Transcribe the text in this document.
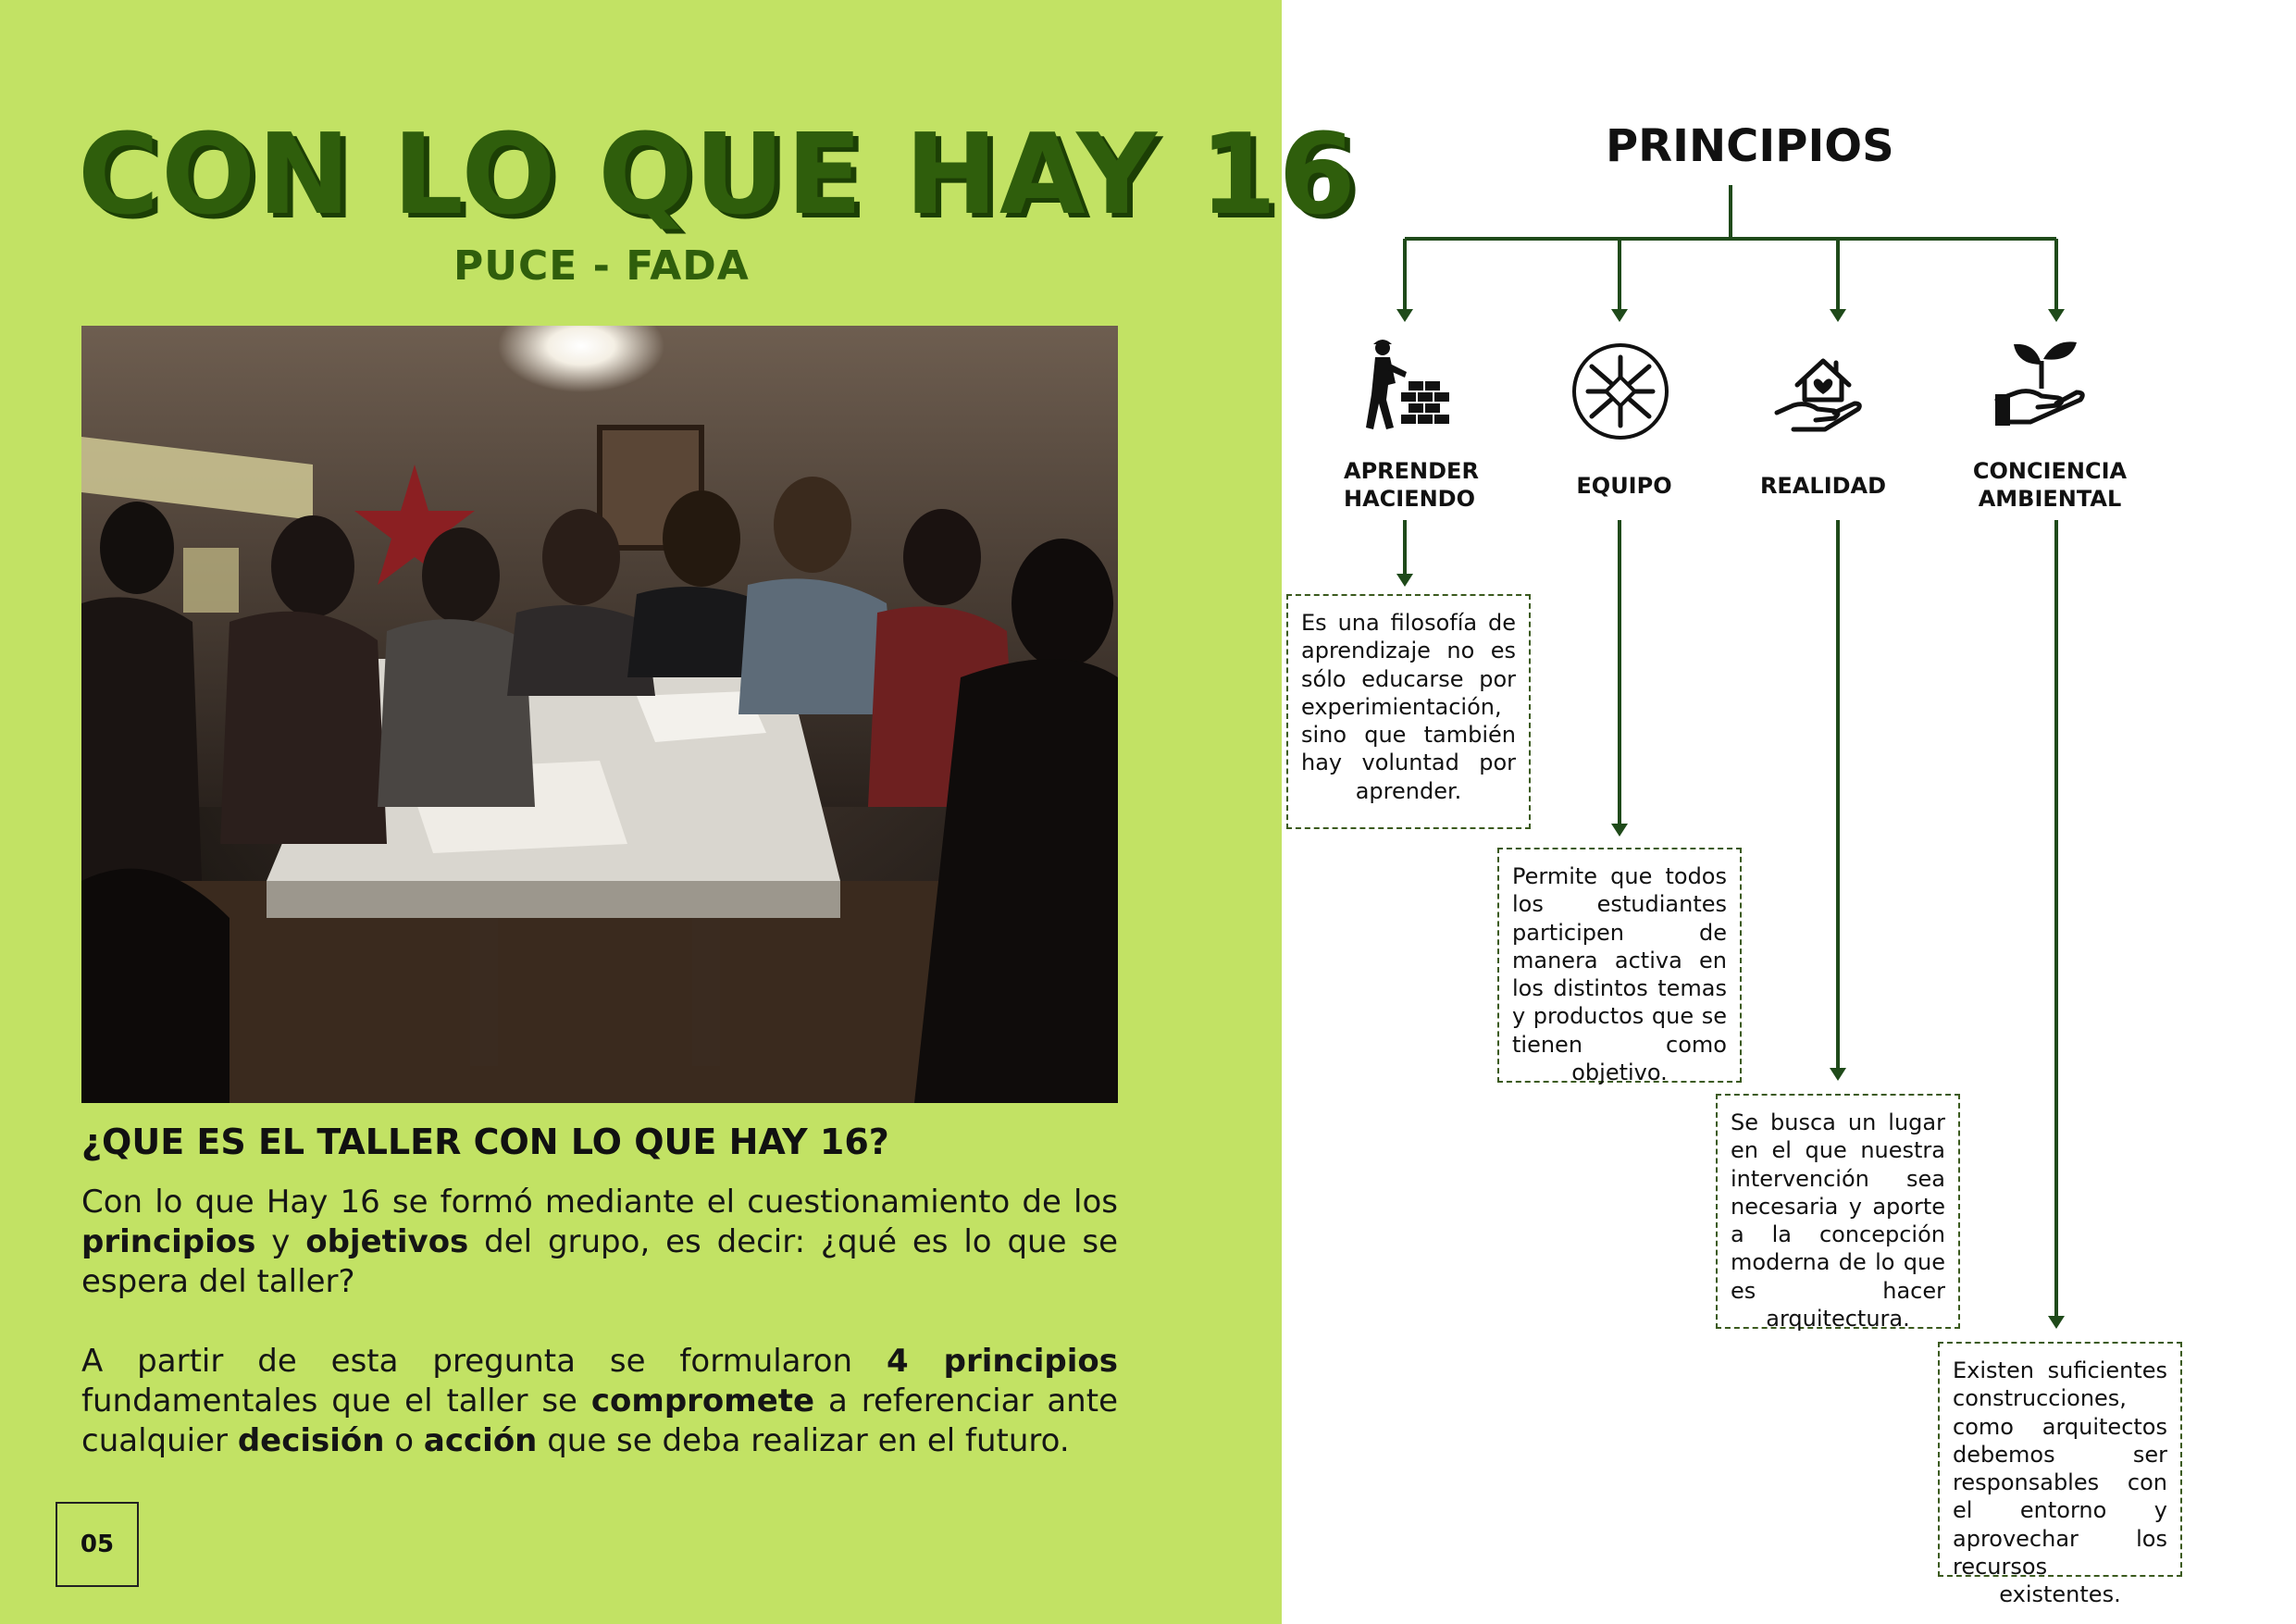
CON LO QUE HAY 16
PUCE - FADA
¿QUE ES EL TALLER CON LO QUE HAY 16?

Con lo que Hay 16 se formó mediante el cuestionamiento de los principios y objetivos del grupo, es decir: ¿qué es lo que se espera del taller?

A partir de esta pregunta se formularon 4 principios fundamentales que el taller se compromete a referenciar ante cualquier decisión o acción que se deba realizar en el futuro.

05
PRINCIPIOS
APRENDER
HACIENDO	EQUIPO	REALIDAD
CONCIENCIA
AMBIENTAL
Es una filosofía de aprendizaje no es sólo educarse por experimientación, sino que también hay voluntad por aprender.
Permite que todos los estudiantes participen de manera activa en los distintos temas y productos que se tienen como objetivo.
Se busca un lugar en el que nuestra intervención sea necesaria y aporte a la concepción moderna de lo que es hacer arquitectura.
Existen suficientes construcciones, como arquitectos debemos ser responsables con el entorno y aprovechar los recursos existentes.
